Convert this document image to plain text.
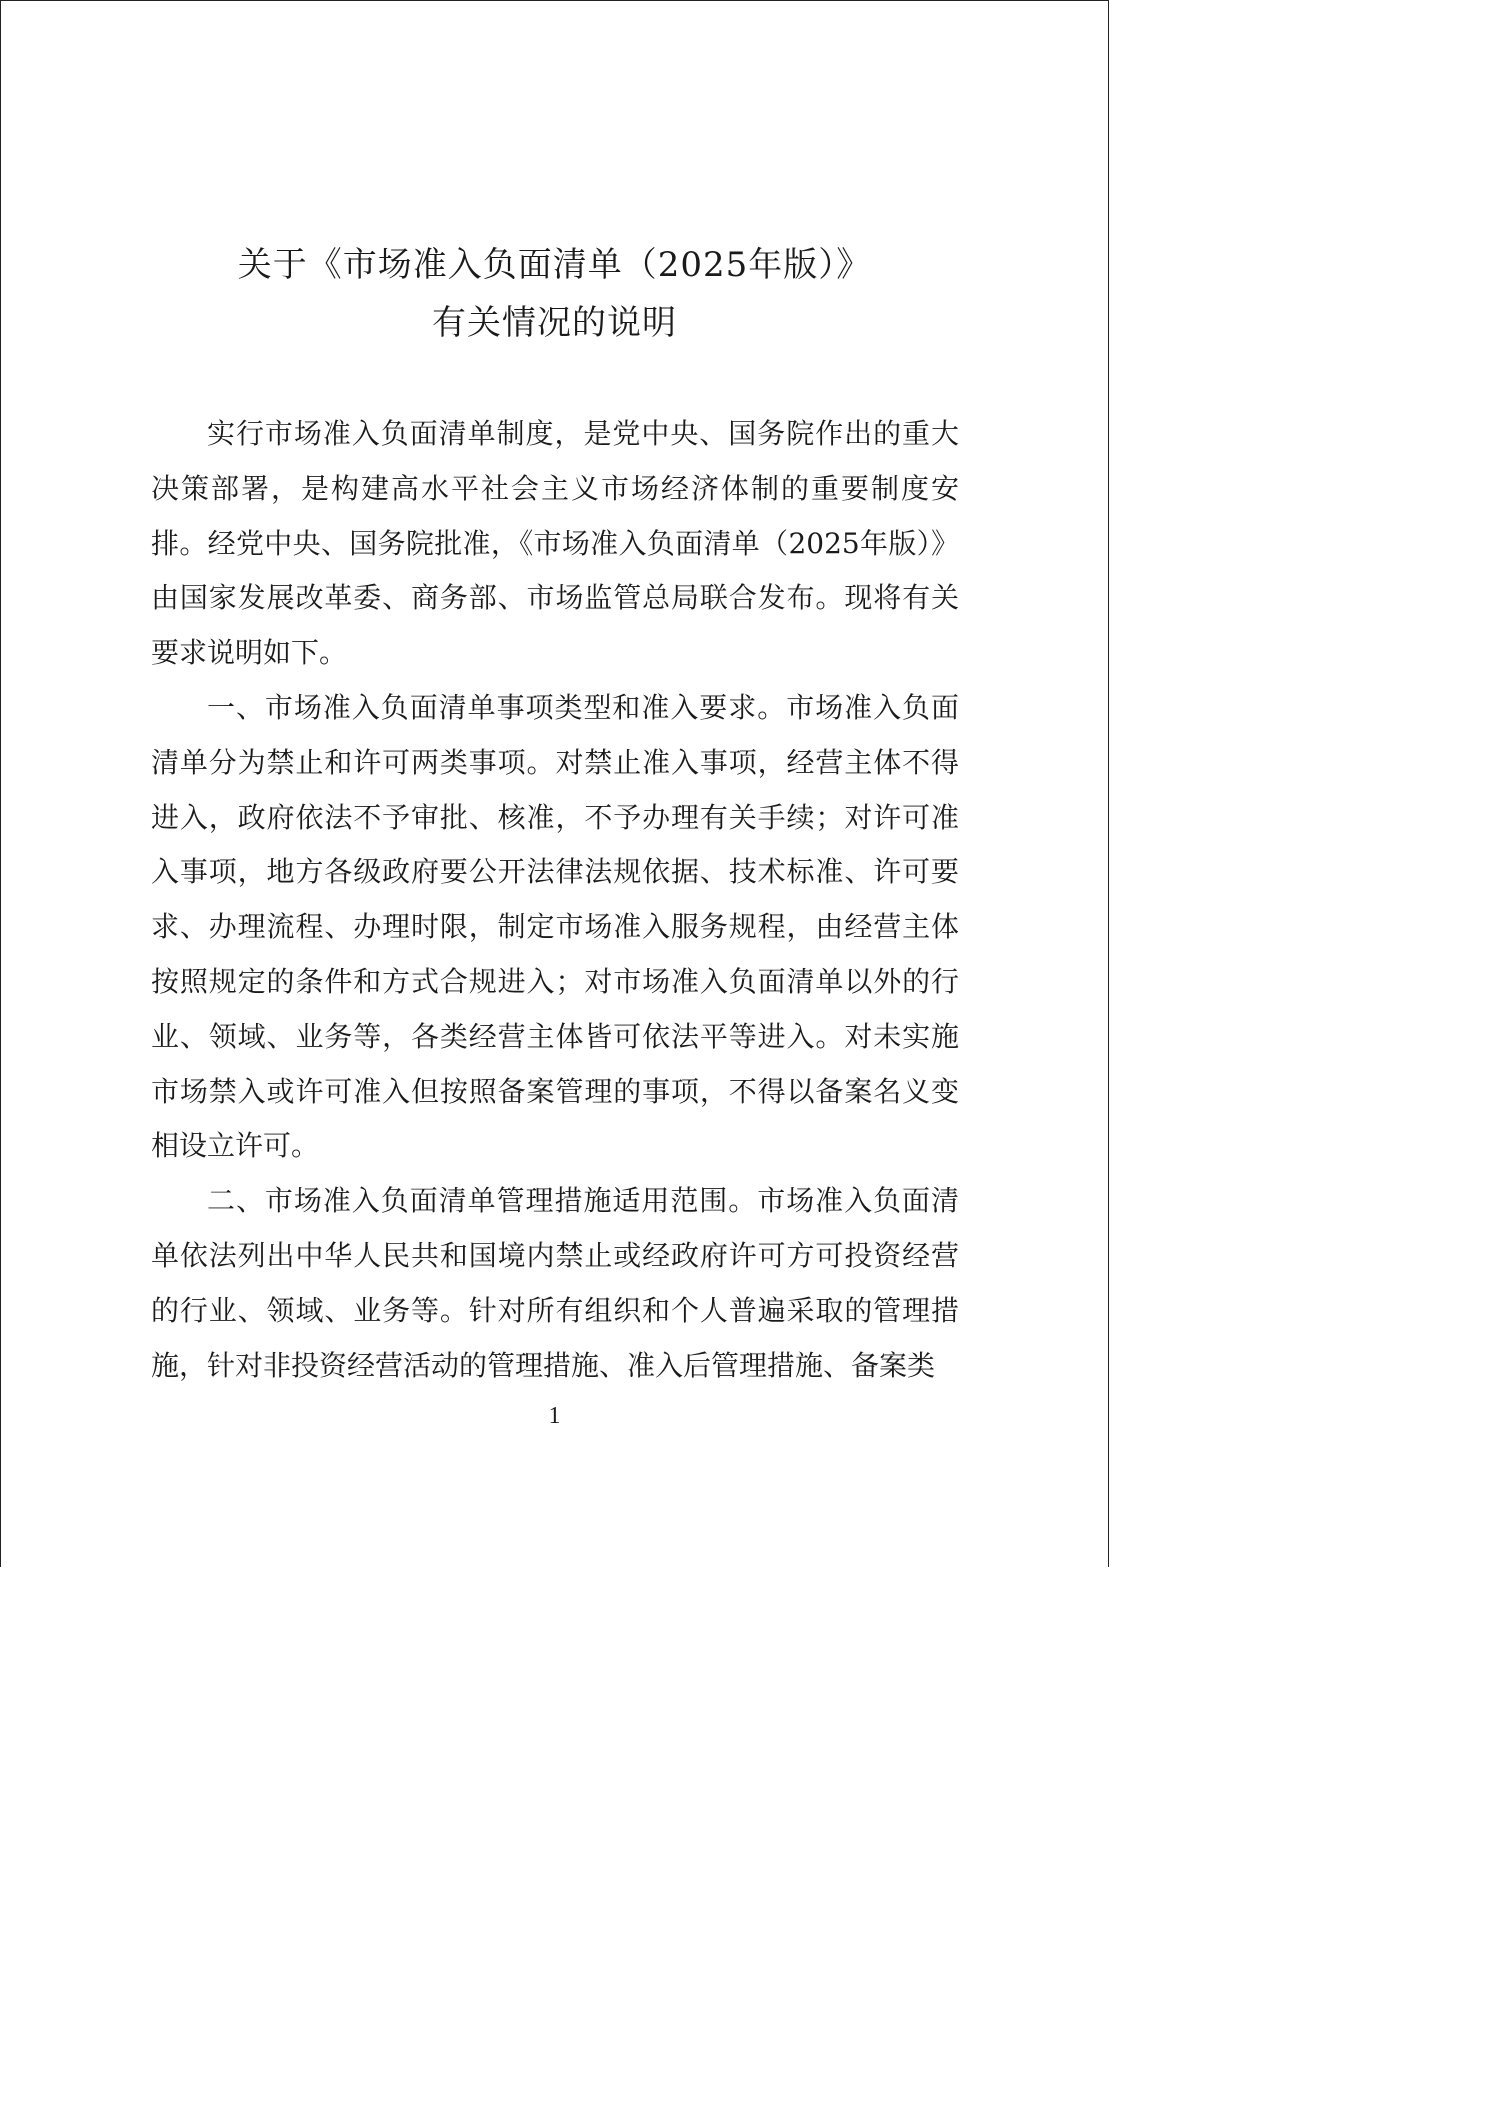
关于《市场准入负面清单（2025年版）》
有关情况的说明

实行市场准入负面清单制度，是党中央、国务院作出的重大决策部署，是构建高水平社会主义市场经济体制的重要制度安排。经党中央、国务院批准，《市场准入负面清单（2025年版）》由国家发展改革委、商务部、市场监管总局联合发布。现将有关要求说明如下。

一、市场准入负面清单事项类型和准入要求。市场准入负面清单分为禁止和许可两类事项。对禁止准入事项，经营主体不得进入，政府依法不予审批、核准，不予办理有关手续；对许可准入事项，地方各级政府要公开法律法规依据、技术标准、许可要求、办理流程、办理时限，制定市场准入服务规程，由经营主体按照规定的条件和方式合规进入；对市场准入负面清单以外的行业、领域、业务等，各类经营主体皆可依法平等进入。对未实施市场禁入或许可准入但按照备案管理的事项，不得以备案名义变相设立许可。

二、市场准入负面清单管理措施适用范围。市场准入负面清单依法列出中华人民共和国境内禁止或经政府许可方可投资经营的行业、领域、业务等。针对所有组织和个人普遍采取的管理措施，针对非投资经营活动的管理措施、准入后管理措施、备案类

1
